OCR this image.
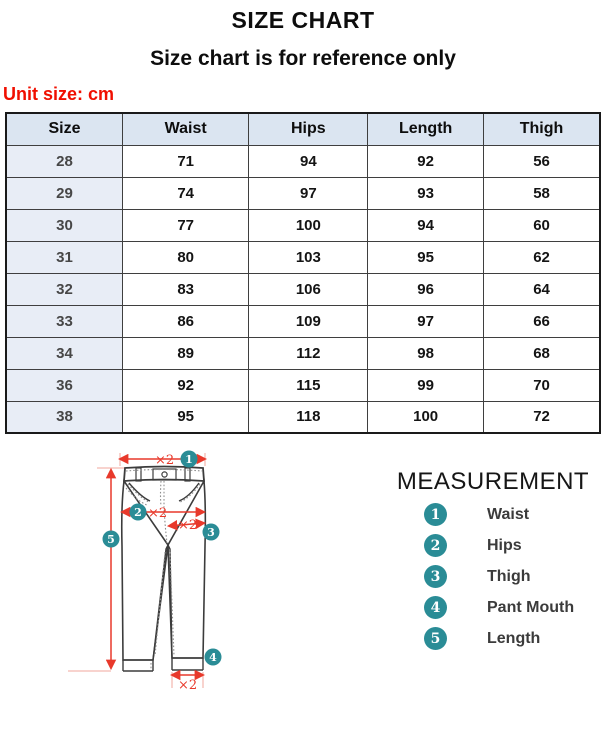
SIZE CHART
Size chart is for reference only
Unit size: cm
Size	Waist	Hips	Length	Thigh
28	71	94	92	56
29	74	97	93	58
30	77	100	94	60
31	80	103	95	62
32	83	106	96	64
33	86	109	97	66
34	89	112	98	68
36	92	115	99	70
38	95	118	100	72
×2
×2
×2
×2
1
2
3
4
5
MEASUREMENT
1	Waist
2	Hips
3	Thigh
4	Pant Mouth
5	Length
